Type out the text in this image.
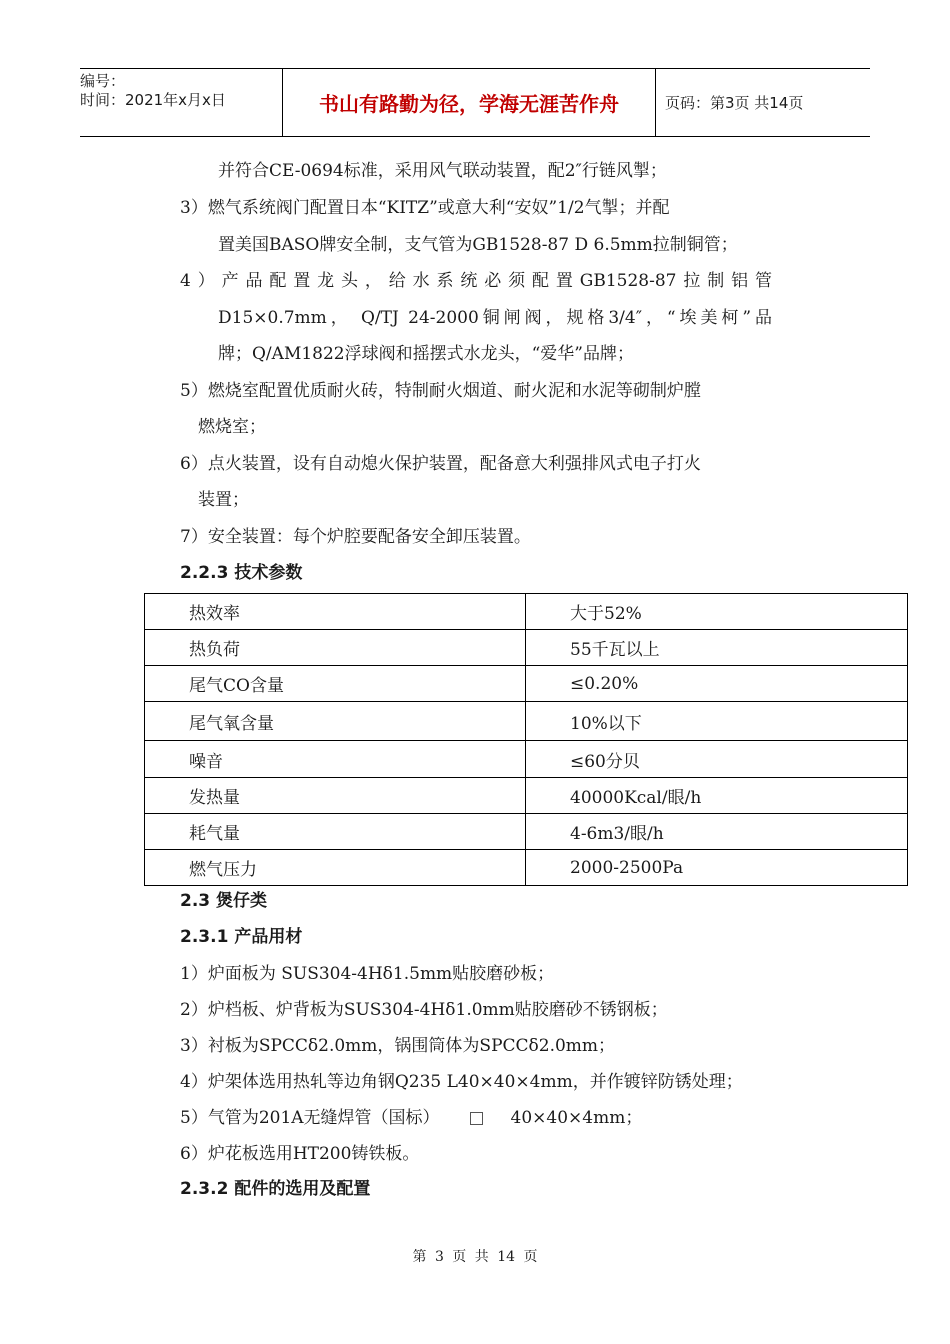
编号：
时间：2021年x月x日	书山有路勤为径，学海无涯苦作舟	页码：第3页 共14页
并符合CE-0694标准，采用风气联动装置，配2″行链风掣；
3）燃气系统阀门配置日本“KITZ”或意大利“安奴”1/2气掣；并配
置美国BASO牌安全制，支气管为GB1528-87 D 6.5mm拉制铜管；
4）产品配置龙头，给水系统必须配置GB1528-87拉制铝管
D15×0.7mm， Q/TJ 24-2000铜闸阀，规格3/4″，“埃美柯”品
牌；Q/AM1822浮球阀和摇摆式水龙头，“爱华”品牌；
5）燃烧室配置优质耐火砖，特制耐火烟道、耐火泥和水泥等砌制炉膛
燃烧室；
6）点火装置，设有自动熄火保护装置，配备意大利强排风式电子打火
装置；
7）安全装置：每个炉腔要配备安全卸压装置。
2.2.3 技术参数
热效率	大于52%
热负荷	55千瓦以上
尾气CO含量	≤0.20%
尾气氧含量	10%以下
噪音	≤60分贝
发热量	40000Kcal/眼/h
耗气量	4-6m3/眼/h
燃气压力	2000-2500Pa
2.3 煲仔类
2.3.1 产品用材
1）炉面板为 SUS304-4Hδ1.5mm贴胶磨砂板；
2）炉档板、炉背板为SUS304-4Hδ1.0mm贴胶磨砂不锈钢板；
3）衬板为SPCCδ2.0mm，锅围筒体为SPCCδ2.0mm；
4）炉架体选用热轧等边角钢Q235 L40×40×4mm，并作镀锌防锈处理；
5）气管为201A无缝焊管（国标）	40×40×4mm；
6）炉花板选用HT200铸铁板。
2.3.2 配件的选用及配置
第 3 页 共 14 页
